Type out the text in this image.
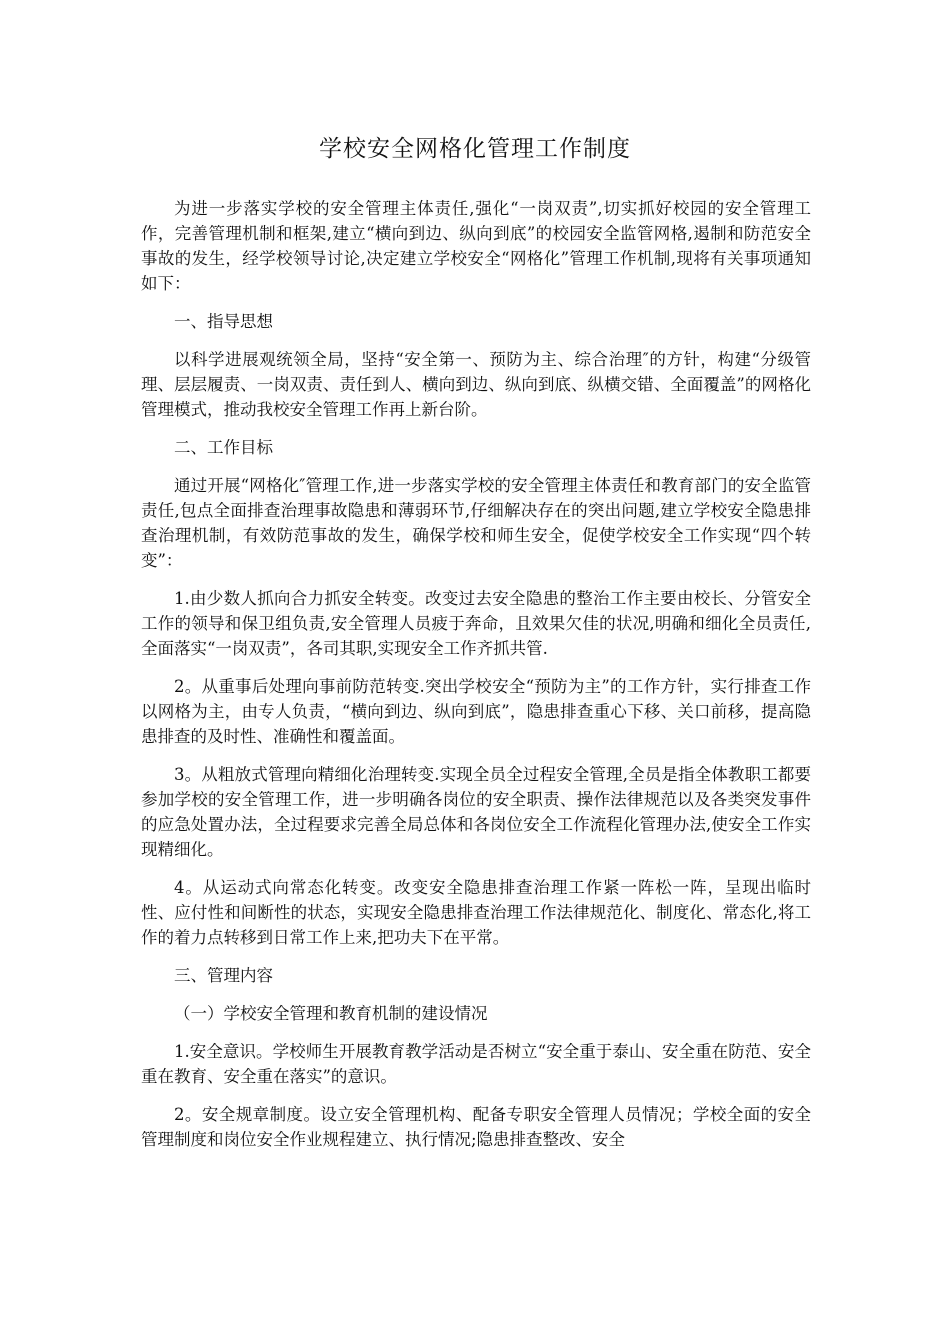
学校安全网格化管理工作制度

为进一步落实学校的安全管理主体责任,强化“一岗双责”,切实抓好校园的安全管理工作，完善管理机制和框架,建立“横向到边、纵向到底”的校园安全监管网格,遏制和防范安全事故的发生，经学校领导讨论,决定建立学校安全“网格化”管理工作机制,现将有关事项通知如下：

一、指导思想

以科学进展观统领全局，坚持“安全第一、预防为主、综合治理″的方针，构建“分级管理、层层履责、一岗双责、责任到人、横向到边、纵向到底、纵横交错、全面覆盖”的网格化管理模式，推动我校安全管理工作再上新台阶。

二、工作目标

通过开展“网格化″管理工作,进一步落实学校的安全管理主体责任和教育部门的安全监管责任,包点全面排查治理事故隐患和薄弱环节,仔细解决存在的突出问题,建立学校安全隐患排查治理机制，有效防范事故的发生，确保学校和师生安全，促使学校安全工作实现“四个转变”：

1.由少数人抓向合力抓安全转变。改变过去安全隐患的整治工作主要由校长、分管安全工作的领导和保卫组负责,安全管理人员疲于奔命，且效果欠佳的状况,明确和细化全员责任,全面落实“一岗双责”，各司其职,实现安全工作齐抓共管.

2。从重事后处理向事前防范转变.突出学校安全“预防为主”的工作方针，实行排查工作以网格为主，由专人负责，“横向到边、纵向到底”，隐患排查重心下移、关口前移，提高隐患排查的及时性、准确性和覆盖面。

3。从粗放式管理向精细化治理转变.实现全员全过程安全管理,全员是指全体教职工都要参加学校的安全管理工作，进一步明确各岗位的安全职责、操作法律规范以及各类突发事件的应急处置办法，全过程要求完善全局总体和各岗位安全工作流程化管理办法,使安全工作实现精细化。

4。从运动式向常态化转变。改变安全隐患排查治理工作紧一阵松一阵，呈现出临时性、应付性和间断性的状态，实现安全隐患排查治理工作法律规范化、制度化、常态化,将工作的着力点转移到日常工作上来,把功夫下在平常。

三、管理内容

（一）学校安全管理和教育机制的建设情况

1.安全意识。学校师生开展教育教学活动是否树立“安全重于泰山、安全重在防范、安全重在教育、安全重在落实”的意识。

2。安全规章制度。设立安全管理机构、配备专职安全管理人员情况；学校全面的安全管理制度和岗位安全作业规程建立、执行情况;隐患排查整改、安全
